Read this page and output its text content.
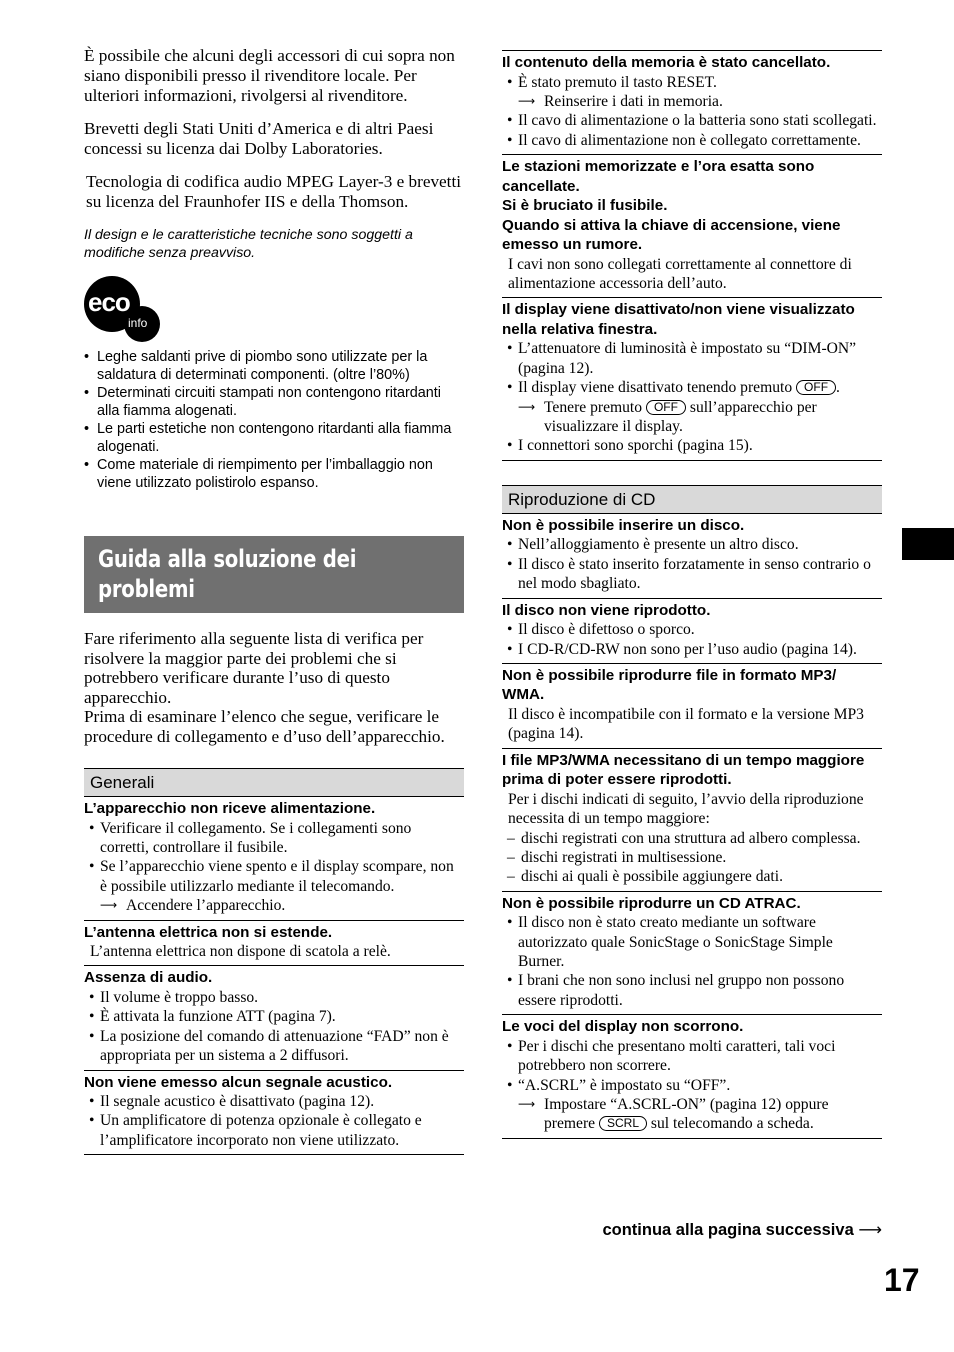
È possibile che alcuni degli accessori di cui sopra non siano disponibili presso il rivenditore locale. Per ulteriori informazioni, rivolgersi al rivenditore.

Brevetti degli Stati Uniti d’America e di altri Paesi concessi su licenza dai Dolby Laboratories.

Tecnologia di codifica audio MPEG Layer-3 e brevetti su licenza del Fraunhofer IIS e della Thomson.

Il design e le caratteristiche tecniche sono soggetti a modifiche senza preavviso.

eco
info
• Leghe saldanti prive di piombo sono utilizzate per la saldatura di determinati componenti. (oltre l’80%)
• Determinati circuiti stampati non contengono ritardanti alla fiamma alogenati.
• Le parti estetiche non contengono ritardanti alla fiamma alogenati.
• Come materiale di riempimento per l’imballaggio non viene utilizzato polistirolo espanso.
Guida alla soluzione dei
problemi

Fare riferimento alla seguente lista di verifica per risolvere la maggior parte dei problemi che si potrebbero verificare durante l’uso di questo apparecchio.
Prima di esaminare l’elenco che segue, verificare le procedure di collegamento e d’uso dell’apparecchio.

Generali
L’apparecchio non riceve alimentazione.
• Verificare il collegamento. Se i collegamenti sono corretti, controllare il fusibile.
• Se l’apparecchio viene spento e il display scompare, non è possibile utilizzarlo mediante il telecomando.
⟶ Accendere l’apparecchio.
L’antenna elettrica non si estende.

L’antenna elettrica non dispone di scatola a relè.

Assenza di audio.
• Il volume è troppo basso.
• È attivata la funzione ATT (pagina 7).
• La posizione del comando di attenuazione “FAD” non è appropriata per un sistema a 2 diffusori.
Non viene emesso alcun segnale acustico.
• Il segnale acustico è disattivato (pagina 12).
• Un amplificatore di potenza opzionale è collegato e l’amplificatore incorporato non viene utilizzato.
Il contenuto della memoria è stato cancellato.
• È stato premuto il tasto RESET.
⟶ Reinserire i dati in memoria.
• Il cavo di alimentazione o la batteria sono stati scollegati.
• Il cavo di alimentazione non è collegato correttamente.
Le stazioni memorizzate e l’ora esatta sono cancellate.
Si è bruciato il fusibile.
Quando si attiva la chiave di accensione, viene emesso un rumore.

I cavi non sono collegati correttamente al connettore di alimentazione accessoria dell’auto.

Il display viene disattivato/non viene visualizzato nella relativa finestra.
• L’attenuatore di luminosità è impostato su “DIM-ON” (pagina 12).
• Il display viene disattivato tenendo premuto OFF .
⟶ Tenere premuto OFF sull’apparecchio per visualizzare il display.
• I connettori sono sporchi (pagina 15).
Riproduzione di CD
Non è possibile inserire un disco.
• Nell’alloggiamento è presente un altro disco.
• Il disco è stato inserito forzatamente in senso contrario o nel modo sbagliato.
Il disco non viene riprodotto.
• Il disco è difettoso o sporco.
• I CD-R/CD-RW non sono per l’uso audio (pagina 14).
Non è possibile riprodurre file in formato MP3/ WMA.

Il disco è incompatibile con il formato e la versione MP3 (pagina 14).

I file MP3/WMA necessitano di un tempo maggiore prima di poter essere riprodotti.

Per i dischi indicati di seguito, l’avvio della riproduzione necessita di un tempo maggiore:

– dischi registrati con una struttura ad albero complessa.
– dischi registrati in multisessione.
– dischi ai quali è possibile aggiungere dati.
Non è possibile riprodurre un CD ATRAC.
• Il disco non è stato creato mediante un software autorizzato quale SonicStage o SonicStage Simple Burner.
• I brani che non sono inclusi nel gruppo non possono essere riprodotti.
Le voci del display non scorrono.
• Per i dischi che presentano molti caratteri, tali voci potrebbero non scorrere.
• “A.SCRL” è impostato su “OFF”.
⟶ Impostare “A.SCRL-ON” (pagina 12) oppure premere SCRL sul telecomando a scheda.
continua alla pagina successiva ⟶
17
